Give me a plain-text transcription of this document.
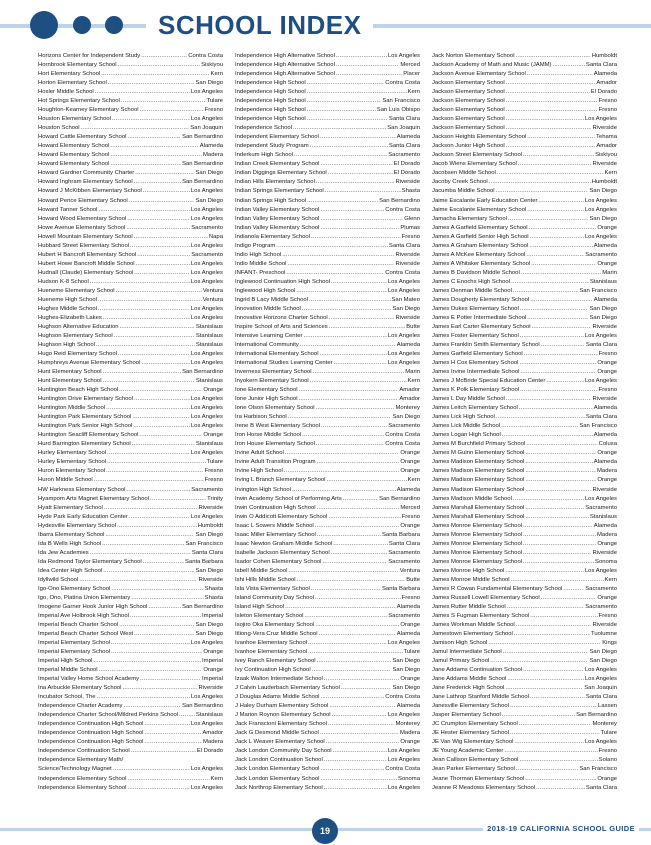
SCHOOL INDEX
Horizons Center for Independent Study .....	Contra Costa
Hornbrook Elementary School .....	Siskiyou
Hort Elementary School .....	Kern
Horton Elementary School .....	San Diego
Hosler Middle School .....	Los Angeles
Hot Springs Elementary School .....	Tulare
Houghton-Kearney Elementary School .....	Fresno
Houston Elementary School .....	Los Angeles
Houston School .....	San Joaquin
Howard Cattle Elementary School .....	San Bernardino
Howard Elementary School .....	Alameda
Howard Elementary School .....	Madera
Howard Elementary School .....	San Bernardino
Howard Gardner Community Charter .....	San Diego
Howard Inghram Elementary School .....	San Bernardino
Howard J McKibben Elementary School .....	Los Angeles
Howard Pence Elementary School .....	San Diego
Howard Tanner School .....	Los Angeles
Howard Wood Elementary School .....	Los Angeles
Howe Avenue Elementary School .....	Sacramento
Howell Mountain Elementary School .....	Napa
Hubbard Street Elementary School .....	Los Angeles
Hubert H Bancroft Elementary School .....	Sacramento
Hubert Howe Bancroft Middle School .....	Los Angeles
Hudnall (Claude) Elementary School .....	Los Angeles
Hudson K-8 School .....	Los Angeles
Hueneme Elementary School .....	Ventura
Hueneme High School .....	Ventura
Hughes Middle School .....	Los Angeles
Hughes-Elizabeth Lakes .....	Los Angeles
Hughson Alternative Education .....	Stanislaus
Hughson Elementary School .....	Stanislaus
Hughson High School .....	Stanislaus
Hugo Reid Elementary School .....	Los Angeles
Humphreys Avenue Elementary School .....	Los Angeles
Hunt Elementary School .....	San Bernardino
Hunt Elementary School .....	Stanislaus
Huntington Beach High School .....	Orange
Huntington Drive Elementary School .....	Los Angeles
Huntington Middle School .....	Los Angeles
Huntington Park Elementary School .....	Los Angeles
Huntington Park Senior High School .....	Los Angeles
Huntington Seacliff Elementary School .....	Orange
Hurd Barrington Elementary School .....	Stanislaus
Hurley Elementary School .....	Los Angeles
Hurley Elementary School .....	Tulare
Huron Elementary School .....	Fresno
Huron Middle School .....	Fresno
HW Harkness Elementary School .....	Sacramento
Hyampom Arts Magnet Elementary School .....	Trinity
Hyatt Elementary School .....	Riverside
Hyde Park Early Education Center .....	Los Angeles
Hydesville Elementary School .....	Humboldt
Ibarra Elementary School .....	San Diego
Ida B Wells High School .....	San Francisco
Ida Jew Academies .....	Santa Clara
Ida Redmond Taylor Elementary School .....	Santa Barbara
Idea Center High School .....	San Diego
Idyllwild School .....	Riverside
Igo-Ono Elementary School .....	Shasta
Igo, Ono, Platina Union Elementary .....	Shasta
Imogene Garner Hook Junior High School .....	San Bernardino
Imperial Ave Holbrook High School .....	Imperial
Imperial Beach Charter School .....	San Diego
Imperial Beach Charter School West .....	San Diego
Imperial Elementary School .....	Los Angeles
Imperial Elementary School .....	Orange
Imperial High School .....	Imperial
Imperial Middle School .....	Orange
Imperial Valley Home School Academy .....	Imperial
Ina Arbuckle Elementary School .....	Riverside
Incubator School, The .....	Los Angeles
Independence Charter Academy .....	San Bernardino
Independence Charter School/Mildred Perkins School .....	Stanislaus
Independence Continuation High School .....	Los Angeles
Independence Continuation High School .....	Amador
Independence Continuation High School .....	Madera
Independence Continuation School .....	El Dorado
Independence Elementary Math/
Science/Technology Magnet .....	Los Angeles
Independence Elementary School .....	Kern
Independence Elementary School .....	Los Angeles
Independence High Alternative School .....	Los Angeles
Independence High Alternative School .....	Merced
Independence High Alternative School .....	Placer
Independence High School .....	Contra Costa
Independence High School .....	Kern
Independence High School .....	San Francisco
Independence High School .....	San Luis Obispo
Independence High School .....	Santa Clara
Independence School .....	San Joaquin
Independent Elementary School .....	Alameda
Independent Study Program .....	Santa Clara
Inderkum High School .....	Sacramento
Indian Creek Elementary School .....	El Dorado
Indian Diggings Elementary School .....	El Dorado
Indian Hills Elementary School .....	Riverside
Indian Springs Elementary School .....	Shasta
Indian Springs High School .....	San Bernardino
Indian Valley Elementary School .....	Contra Costa
Indian Valley Elementary School .....	Glenn
Indian Valley Elementary School .....	Plumas
Indianola Elementary School .....	Fresno
Indigo Program .....	Santa Clara
Indio High School .....	Riverside
Indio Middle School .....	Riverside
INFANT- Preschool .....	Contra Costa
Inglewood Continuation High School .....	Los Angeles
Inglewood High School .....	Los Angeles
Ingrid B Lacy Middle School .....	San Mateo
Innovation Middle School .....	San Diego
Innovative Horizons Charter School .....	Riverside
Inspire School of Arts and Sciences .....	Butte
Intensive Learning Center .....	Los Angeles
International Community .....	Alameda
International Elementary School .....	Los Angeles
International Studies Learning Center .....	Los Angeles
Inverness Elementary School .....	Marin
Inyokern Elementary School .....	Kern
Ione Elementary School .....	Amador
Ione Junior High School .....	Amador
Ione Olson Elementary School .....	Monterey
Ira Harbison School .....	San Diego
Irene B West Elementary School .....	Sacramento
Iron Horse Middle School .....	Contra Costa
Iron House Elementary School .....	Contra Costa
Irvine Adult School .....	Orange
Irvine Adult Transition Program .....	Orange
Irvine High School .....	Orange
Irving L Branch Elementary School .....	Kern
Irvington High School .....	Alameda
Irwin Academy School of Performing Arts .....	San Bernardino
Irwin Continuation High School .....	Merced
Irwin O Addicott Elementary School .....	Fresno
Isaac L Sowers Middle School .....	Orange
Isaac Miller Elementary School .....	Santa Barbara
Isaac Newton Graham Middle School .....	Santa Clara
Isabelle Jackson Elementary School .....	Sacramento
Isador Cohen Elementary School .....	Sacramento
Isbell Middle School .....	Ventura
Ishi Hills Middle School .....	Butte
Isla Vista Elementary School .....	Santa Barbara
Island Community Day School .....	Fresno
Island High School .....	Alameda
Isleton Elementary School .....	Sacramento
Isojiro Oka Elementary School .....	Orange
Itliong-Vera Cruz Middle School .....	Alameda
Ivanhoe Elementary School .....	Los Angeles
Ivanhoe Elementary School .....	Tulare
Ivey Ranch Elementary School .....	San Diego
Ivy Continuation High School .....	San Diego
Izaak Walton Intermediate School .....	Orange
J Calvin Lauderbach Elementary School .....	San Diego
J Douglas Adams Middle School .....	Contra Costa
J Haley Durham Elementary School .....	Alameda
J Marion Roynon Elementary School .....	Los Angeles
Jack Franscioni Elementary School .....	Monterey
Jack G Desmond Middle School .....	Madera
Jack L Weaver Elementary School .....	Orange
Jack London Community Day School .....	Los Angeles
Jack London Continuation School .....	Los Angeles
Jack London Elementary School .....	Contra Costa
Jack London Elementary School .....	Sonoma
Jack Northrop Elementary School .....	Los Angeles
Jack Norton Elementary School .....	Humboldt
Jackson Academy of Math and Music (JAMM) .....	Santa Clara
Jackson Avenue Elementary School .....	Alameda
Jackson Elementary School .....	Amador
Jackson Elementary School .....	El Dorado
Jackson Elementary School .....	Fresno
Jackson Elementary School .....	Fresno
Jackson Elementary School .....	Los Angeles
Jackson Elementary School .....	Riverside
Jackson Heights Elementary School .....	Tehama
Jackson Junior High School .....	Amador
Jackson Street Elementary School .....	Siskiyou
Jacob Wiens Elementary School .....	Riverside
Jacobsen Middle School .....	Kern
Jacoby Creek School .....	Humboldt
Jacumba Middle School .....	San Diego
Jaime Escalante Early Education Center .....	Los Angeles
Jaime Escalante Elementary School .....	Los Angeles
Jamacha Elementary School .....	San Diego
James A Garfield Elementary School .....	Orange
James A Garfield Senior High School .....	Los Angeles
James A Graham Elementary School .....	Alameda
James A McKee Elementary School .....	Sacramento
James A Whitaker Elementary School .....	Orange
James B Davidson Middle School .....	Marin
James C Enochs High School .....	Stanislaus
James Denman Middle School .....	San Francisco
James Dougherty Elementary School .....	Alameda
James Dukes Elementary School .....	San Diego
James E Potter Intermediate School .....	San Diego
James Earl Carter Elementary School .....	Riverside
James Foster Elementary School .....	Los Angeles
James Franklin Smith Elementary School .....	Santa Clara
James Garfield Elementary School .....	Fresno
James H Cox Elementary School .....	Orange
James Irvine Intermediate School .....	Orange
James J McBride Special Education Center .....	Los Angeles
James K Polk Elementary School .....	Fresno
James L Day Middle School .....	Riverside
James Leitch Elementary School .....	Alameda
James Lick High School .....	Santa Clara
James Lick Middle School .....	San Francisco
James Logan High School .....	Alameda
James M Burchfield Primary School .....	Colusa
James M Guinn Elementary School .....	Orange
James Madison Elementary School .....	Alameda
James Madison Elementary School .....	Madera
James Madison Elementary School .....	Orange
James Madison Elementary School .....	Riverside
James Madison Middle School .....	Los Angeles
James Marshall Elementary School .....	Sacramento
James Marshall Elementary School .....	Stanislaus
James Monroe Elementary School .....	Alameda
James Monroe Elementary School .....	Madera
James Monroe Elementary School .....	Orange
James Monroe Elementary School .....	Riverside
James Monroe Elementary School .....	Sonoma
James Monroe High School .....	Los Angeles
James Monroe Middle School .....	Kern
James R Cowan Fundamental Elementary School .....	Sacramento
James Russell Lowell Elementary School .....	Orange
James Rutter Middle School .....	Sacramento
James S Fugman Elementary School .....	Fresno
James Workman Middle School .....	Riverside
Jamestown Elementary School .....	Tuolumne
Jamison High School .....	Kings
Jamul Intermediate School .....	San Diego
Jamul Primary School .....	San Diego
Jane Addams Continuation School .....	Los Angeles
Jane Addams Middle School .....	Los Angeles
Jane Frederick High School .....	San Joaquin
Jane Lathrop Stanford Middle School .....	Santa Clara
Janesville Elementary School .....	Lassen
Jasper Elementary School .....	San Bernardino
JC Crumpton Elementary School .....	Monterey
JE Hester Elementary School .....	Tulare
JE Van Wig Elementary School .....	Los Angeles
JE Young Academic Center .....	Fresno
Jean Callison Elementary School .....	Solano
Jean Parker Elementary School .....	San Francisco
Jeane Thorman Elementary School .....	Orange
Jeanne R Meadows Elementary School .....	Santa Clara
19	2018-19 CALIFORNIA SCHOOL GUIDE
